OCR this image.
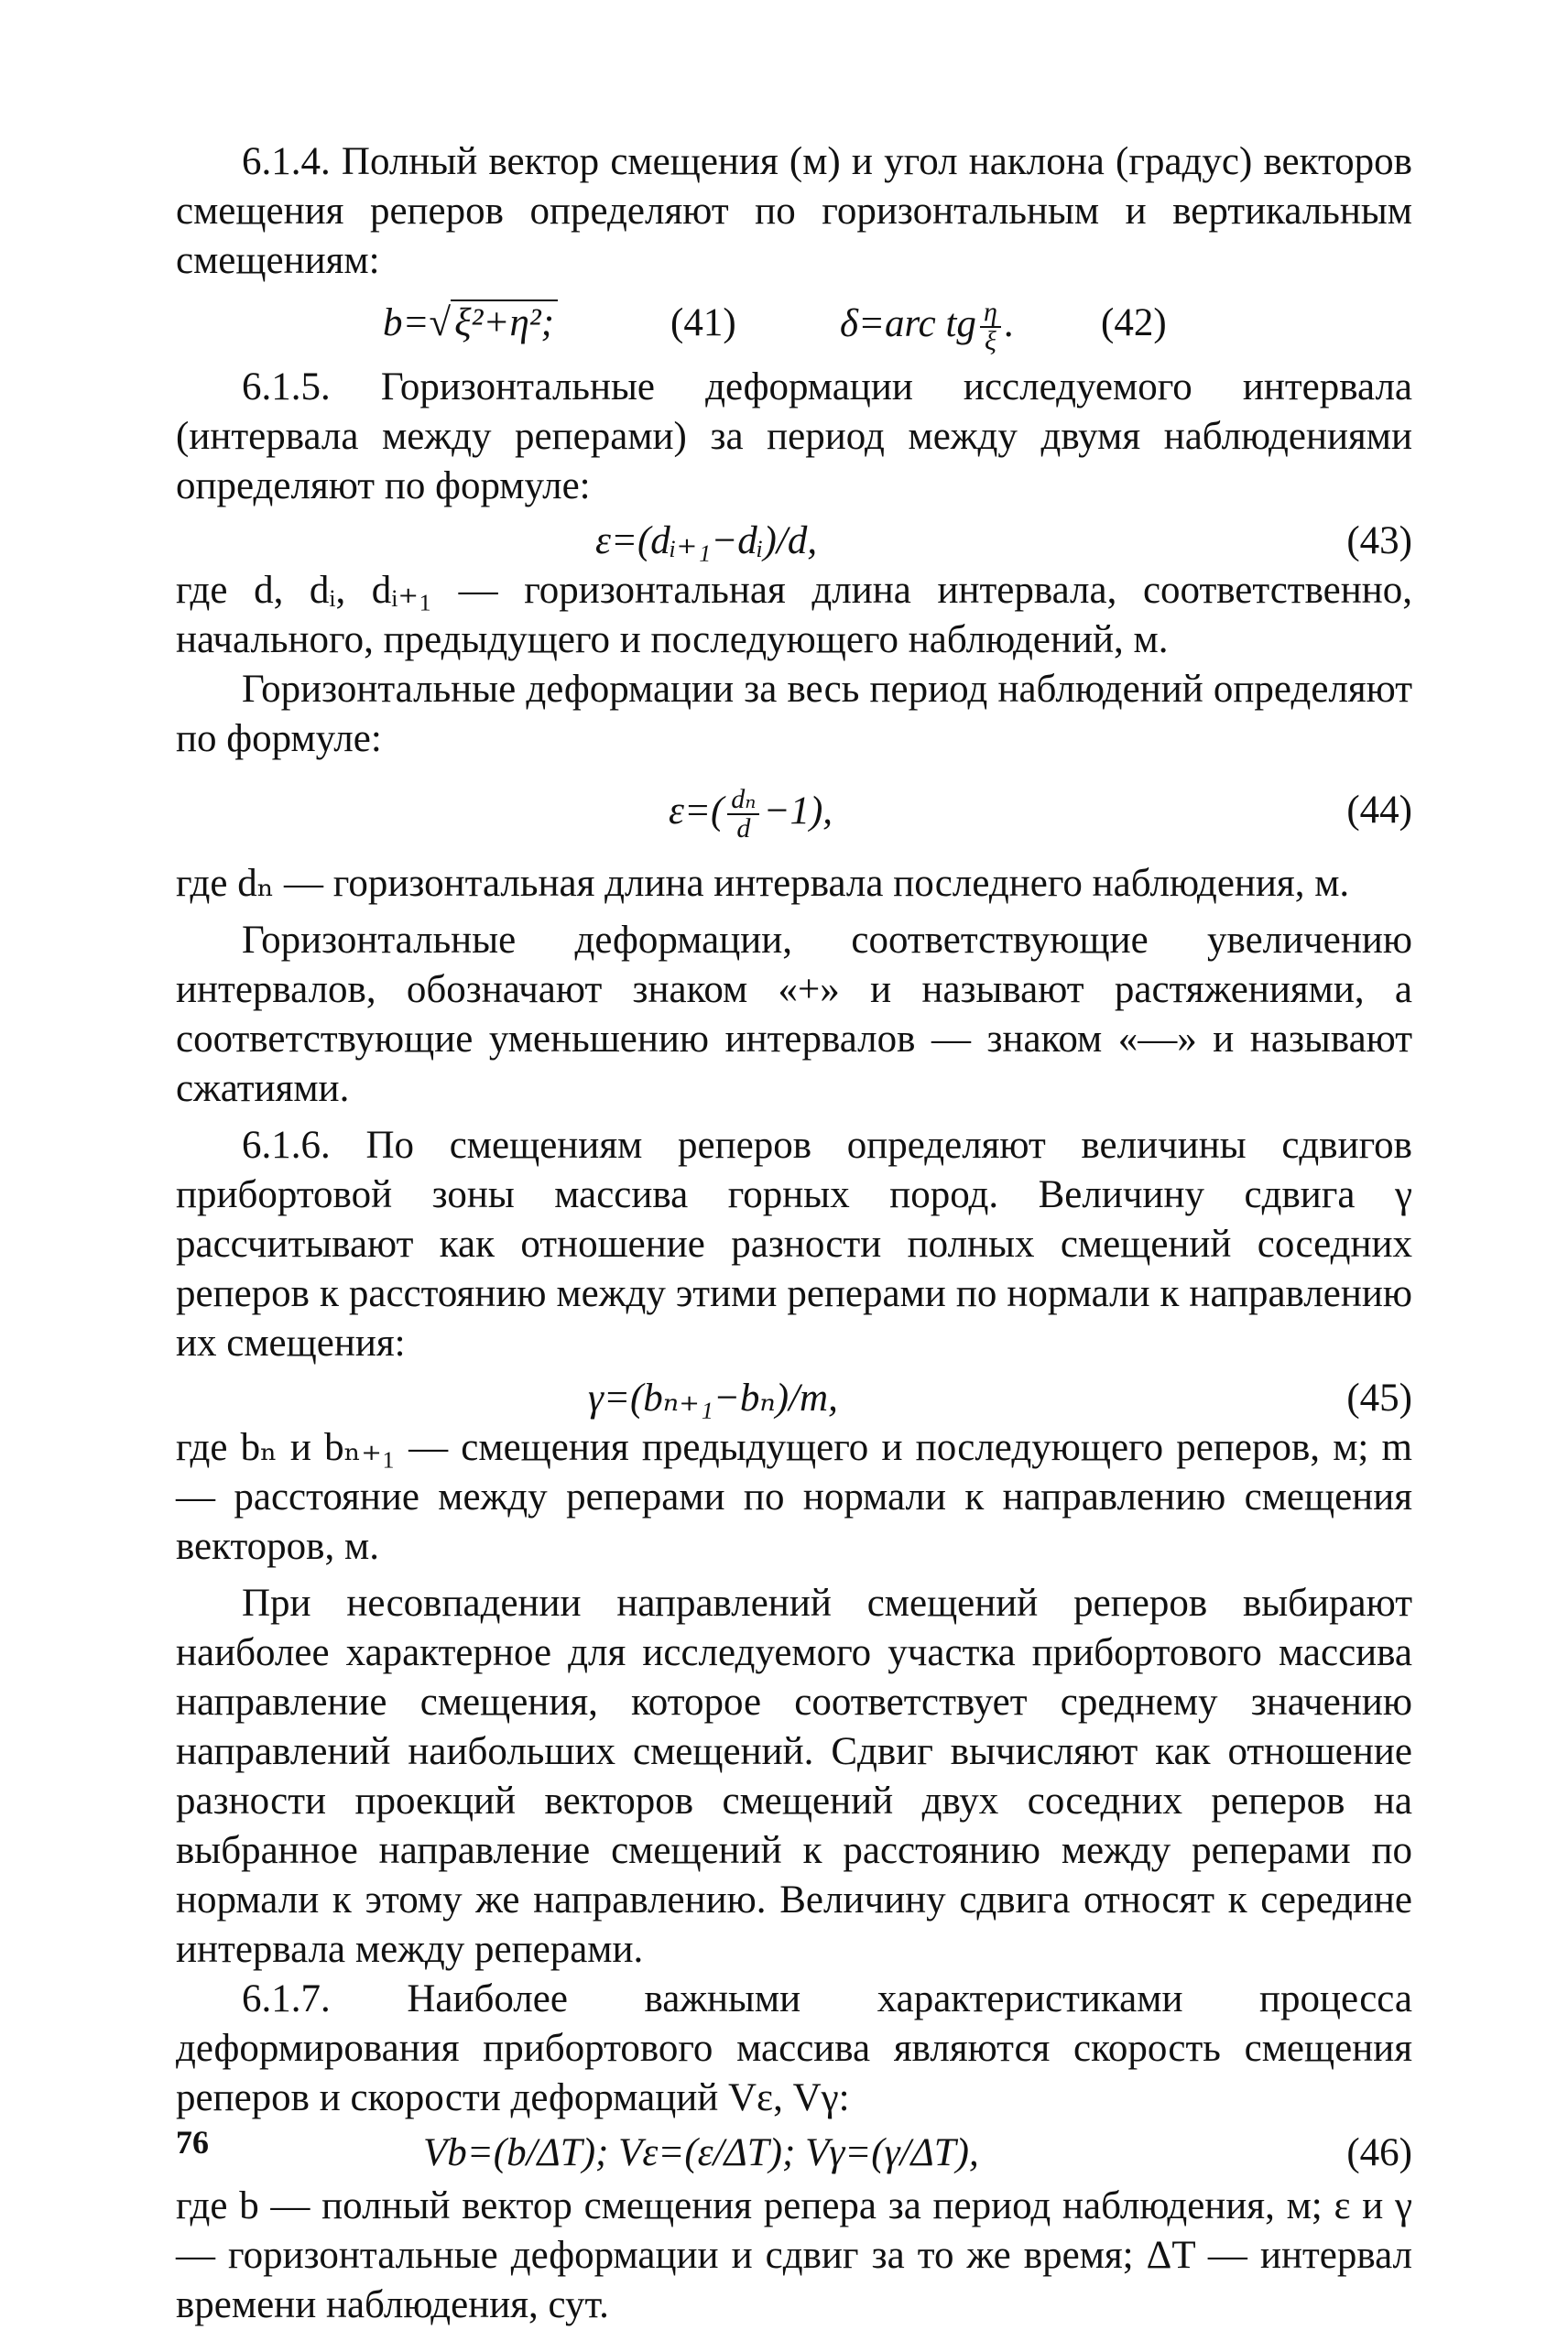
6.1.4. Полный вектор смещения (м) и угол наклона (градус) векторов смещения реперов определяют по горизонтальным и вертикальным смещениям:

b=√ξ²+η²;	(41)	δ=arc tg $\frac{\eta}{\xi}$ . (42)

6.1.5. Горизонтальные деформации исследуемого интервала (интервала между реперами) за период между двумя наблюдениями определяют по формуле:

ε=(dᵢ₊₁−dᵢ)/d,	(43)

где d, dᵢ, dᵢ₊₁ — горизонтальная длина интервала, соответственно, начального, предыдущего и последующего наблюдений, м.

Горизонтальные деформации за весь период наблюдений определяют по формуле:

$\varepsilon=( \frac{\text{dₙ}}{d} -1)$,	(44)

где dₙ — горизонтальная длина интервала последнего наблюдения, м.

Горизонтальные деформации, соответствующие увеличению интервалов, обозначают знаком «+» и называют растяжениями, а соответствующие уменьшению интервалов — знаком «—» и называют сжатиями.

6.1.6. По смещениям реперов определяют величины сдвигов прибортовой зоны массива горных пород. Величину сдвига γ рассчитывают как отношение разности полных смещений соседних реперов к расстоянию между этими реперами по нормали к направлению их смещения:

γ=(bₙ₊₁−bₙ)/m,	(45)

где bₙ и bₙ₊₁ — смещения предыдущего и последующего реперов, м; m — расстояние между реперами по нормали к направлению смещения векторов, м.

При несовпадении направлений смещений реперов выбирают наиболее характерное для исследуемого участка прибортового массива направление смещения, которое соответствует среднему значению направлений наибольших смещений. Сдвиг вычисляют как отношение разности проекций векторов смещений двух соседних реперов на выбранное направление смещений к расстоянию между реперами по нормали к этому же направлению. Величину сдвига относят к середине интервала между реперами.

6.1.7. Наиболее важными характеристиками процесса деформирования прибортового массива являются скорость смещения реперов и скорости деформаций Vε, Vγ:

Vb=(b/ΔT); Vε=(ε/ΔT); Vγ=(γ/ΔT),	(46)

где b — полный вектор смещения репера за период наблюдения, м; ε и γ — горизонтальные деформации и сдвиг за то же время; ΔT — интервал времени наблюдения, сут.

76
